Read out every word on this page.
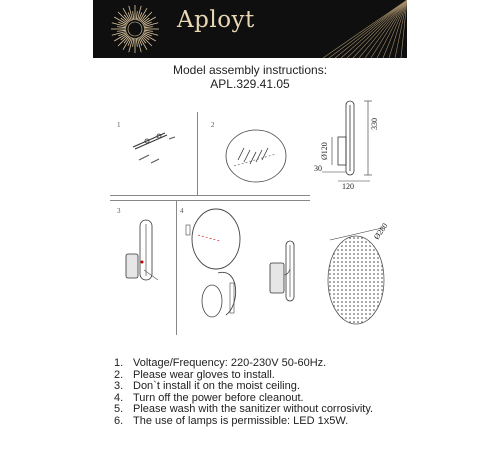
Aployt
Model assembly instructions:
APL.329.41.05
1	2	330
Ø120
30
120
3	4
Ø280
1. Voltage/Frequency: 220-230V 50-60Hz.
2. Please wear gloves to install.
3. Don`t install it on the moist ceiling.
4. Turn off the power before cleanout.
5. Please wash with the sanitizer without corrosivity.
6. The use of lamps is permissible: LED 1x5W.
